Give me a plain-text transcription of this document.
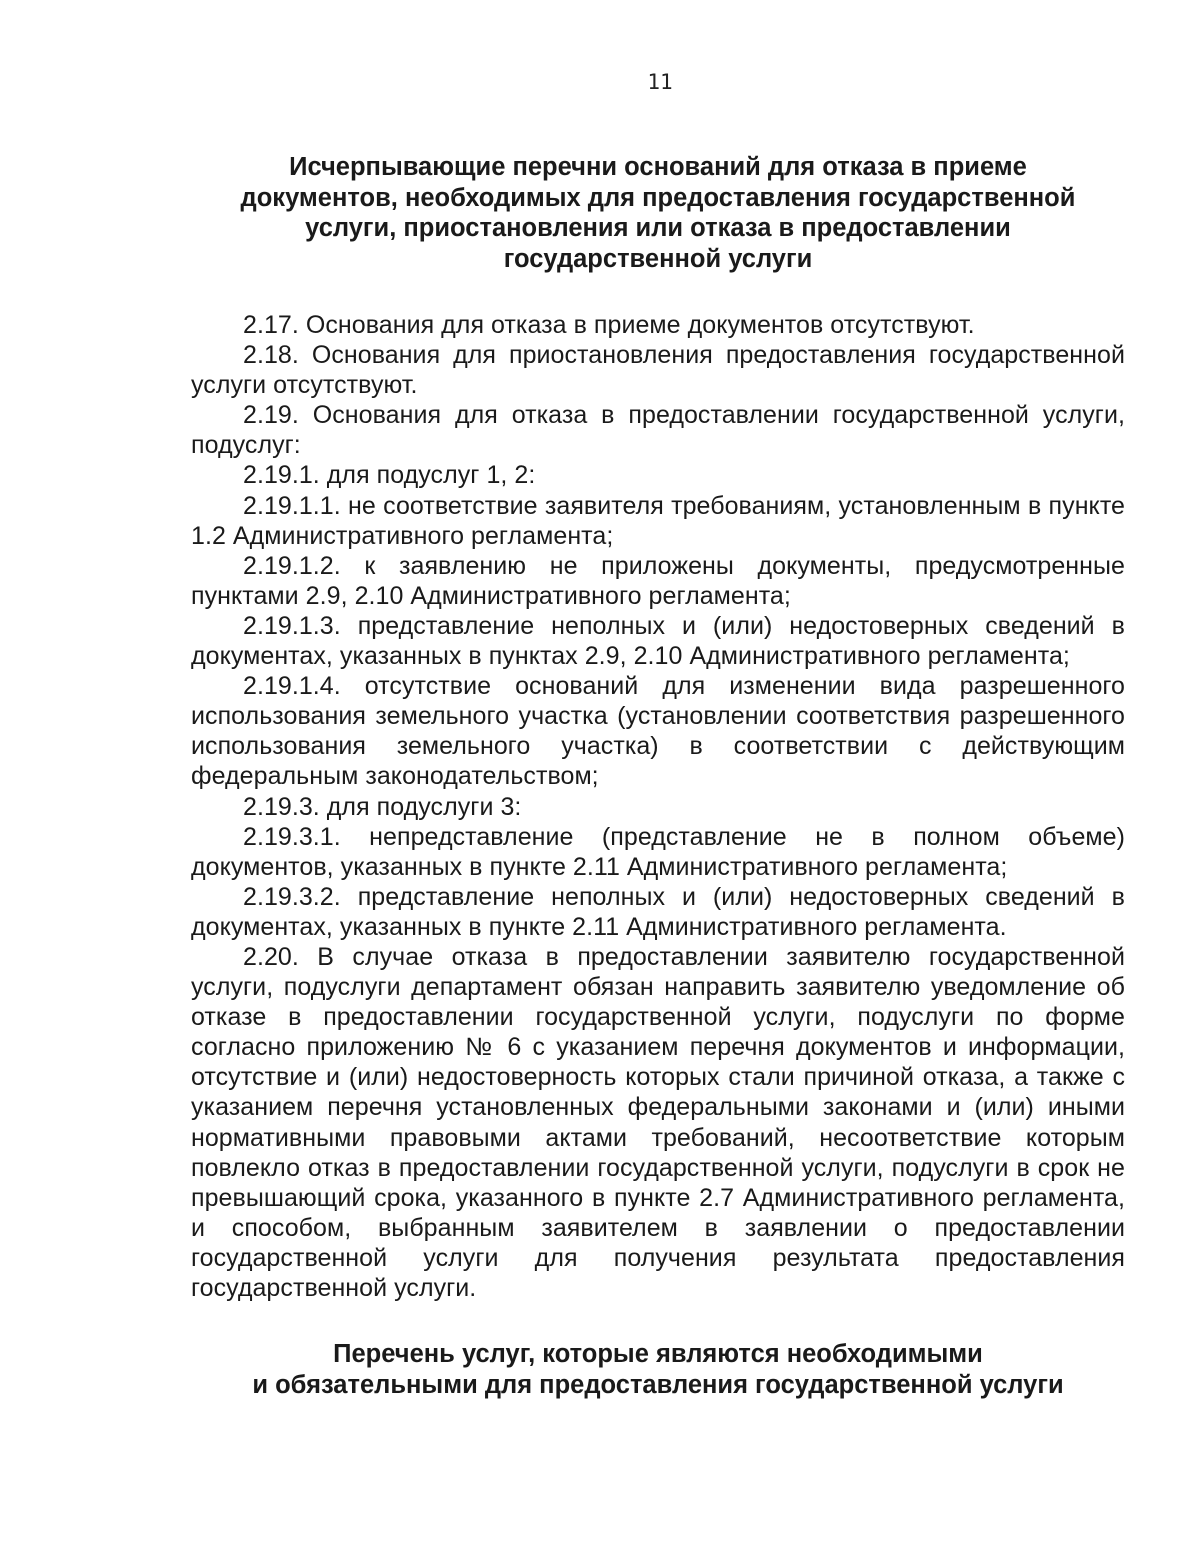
11
Исчерпывающие перечни оснований для отказа в приеме
документов, необходимых для предоставления государственной
услуги, приостановления или отказа в предоставлении
государственной услуги

2.17. Основания для отказа в приеме документов отсутствуют.

2.18. Основания для приостановления предоставления государственной услуги отсутствуют.

2.19. Основания для отказа в предоставлении государственной услуги, подуслуг:

2.19.1. для подуслуг 1, 2:

2.19.1.1. не соответствие заявителя требованиям, установленным в пункте 1.2 Административного регламента;

2.19.1.2. к заявлению не приложены документы, предусмотренные пунктами 2.9, 2.10 Административного регламента;

2.19.1.3. представление неполных и (или) недостоверных сведений в документах, указанных в пунктах 2.9, 2.10 Административного регламента;

2.19.1.4. отсутствие оснований для изменении вида разрешенного использования земельного участка (установлении соответствия разрешенного использования земельного участка) в соответствии с действующим федеральным законодательством;

2.19.3. для подуслуги 3:

2.19.3.1. непредставление (представление не в полном объеме) документов, указанных в пункте 2.11 Административного регламента;

2.19.3.2. представление неполных и (или) недостоверных сведений в документах, указанных в пункте 2.11 Административного регламента.

2.20. В случае отказа в предоставлении заявителю государственной услуги, подуслуги департамент обязан направить заявителю уведомление об отказе в предоставлении государственной услуги, подуслуги по форме согласно приложению № 6 с указанием перечня документов и информации, отсутствие и (или) недостоверность которых стали причиной отказа, а также с указанием перечня установленных федеральными законами и (или) иными нормативными правовыми актами требований, несоответствие которым повлекло отказ в предоставлении государственной услуги, подуслуги в срок не превышающий срока, указанного в пункте 2.7 Административного регламента, и способом, выбранным заявителем в заявлении о предоставлении государственной услуги для получения результата предоставления государственной услуги.

Перечень услуг, которые являются необходимыми
и обязательными для предоставления государственной услуги
